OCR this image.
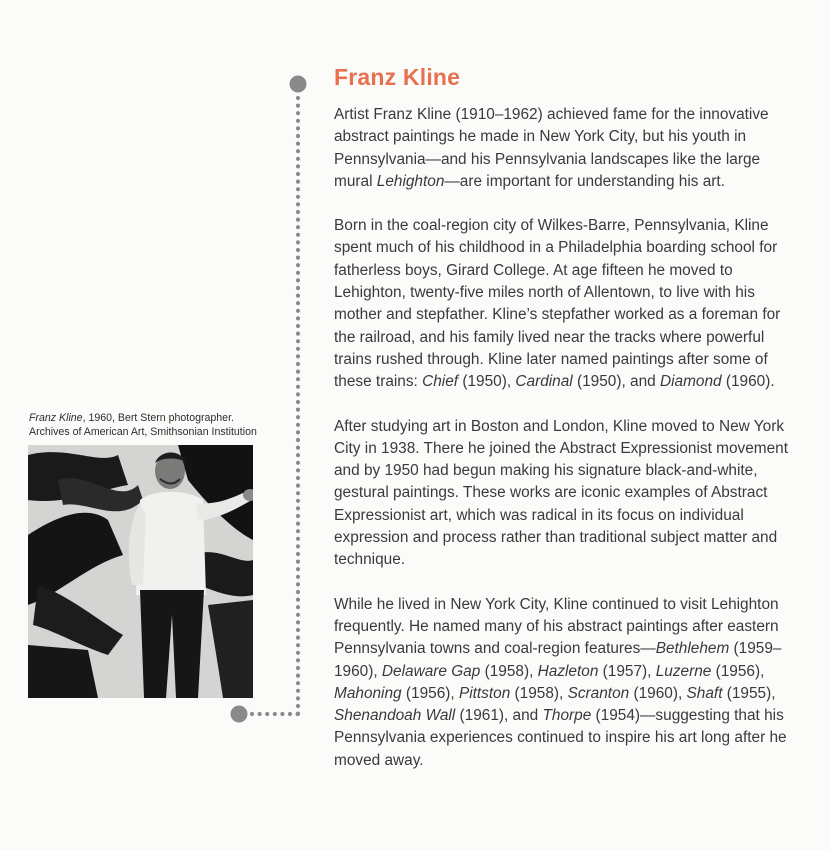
Franz Kline

Artist Franz Kline (1910–1962) achieved fame for the innovative abstract paintings he made in New York City, but his youth in Pennsylvania—and his Pennsylvania landscapes like the large mural Lehighton—are important for understanding his art.

Born in the coal-region city of Wilkes-Barre, Pennsylvania, Kline spent much of his childhood in a Philadelphia boarding school for fatherless boys, Girard College. At age fifteen he moved to Lehighton, twenty-five miles north of Allentown, to live with his mother and stepfather. Kline’s stepfather worked as a foreman for the railroad, and his family lived near the tracks where powerful trains rushed through. Kline later named paintings after some of these trains: Chief (1950), Cardinal (1950), and Diamond (1960).

After studying art in Boston and London, Kline moved to New York City in 1938. There he joined the Abstract Expressionist movement and by 1950 had begun making his signature black-and-white, gestural paintings. These works are iconic examples of Abstract Expressionist art, which was radical in its focus on individual expression and process rather than traditional subject matter and technique.

While he lived in New York City, Kline continued to visit Lehighton frequently. He named many of his abstract paintings after eastern Pennsylvania towns and coal-region features—Bethlehem (1959–1960), Delaware Gap (1958), Hazleton (1957), Luzerne (1956), Mahoning (1956), Pittston (1958), Scranton (1960), Shaft (1955), Shenandoah Wall (1961), and Thorpe (1954)—suggesting that his Pennsylvania experiences continued to inspire his art long after he moved away.

Franz Kline, 1960, Bert Stern photographer.
Archives of American Art, Smithsonian Institution
